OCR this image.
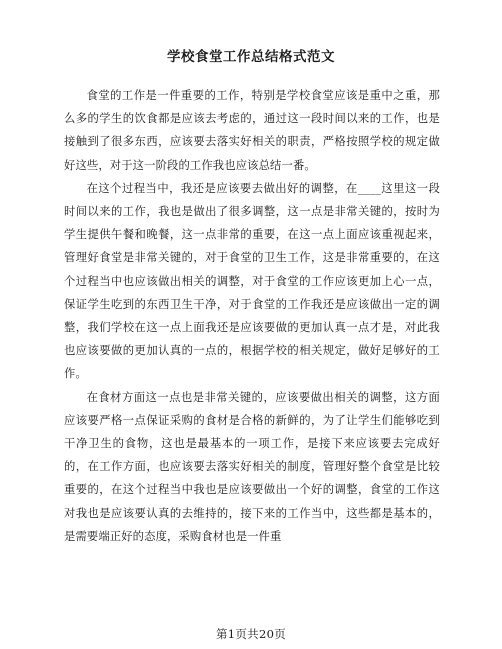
学校食堂工作总结格式范文

食堂的工作是一件重要的工作，特别是学校食堂应该是重中之重，那么多的学生的饮食都是应该去考虑的，通过这一段时间以来的工作，也是接触到了很多东西，应该要去落实好相关的职责，严格按照学校的规定做好这些，对于这一阶段的工作我也应该总结一番。

在这个过程当中，我还是应该要去做出好的调整，在____这里这一段时间以来的工作，我也是做出了很多调整，这一点是非常关键的，按时为学生提供午餐和晚餐，这一点非常的重要，在这一点上面应该重视起来，管理好食堂是非常关键的，对于食堂的卫生工作，这是非常重要的，在这个过程当中也应该做出相关的调整，对于食堂的工作应该更加上心一点，保证学生吃到的东西卫生干净，对于食堂的工作我还是应该做出一定的调整，我们学校在这一点上面我还是应该要做的更加认真一点才是，对此我也应该要做的更加认真的一点的，根据学校的相关规定，做好足够好的工作。

在食材方面这一点也是非常关键的，应该要做出相关的调整，这方面应该要严格一点保证采购的食材是合格的新鲜的，为了让学生们能够吃到干净卫生的食物，这也是最基本的一项工作，是接下来应该要去完成好的，在工作方面，也应该要去落实好相关的制度，管理好整个食堂是比较重要的，在这个过程当中我也是应该要做出一个好的调整，食堂的工作这对我也是应该要认真的去维持的，接下来的工作当中，这些都是基本的，是需要端正好的态度，采购食材也是一件重

第1页共20页
